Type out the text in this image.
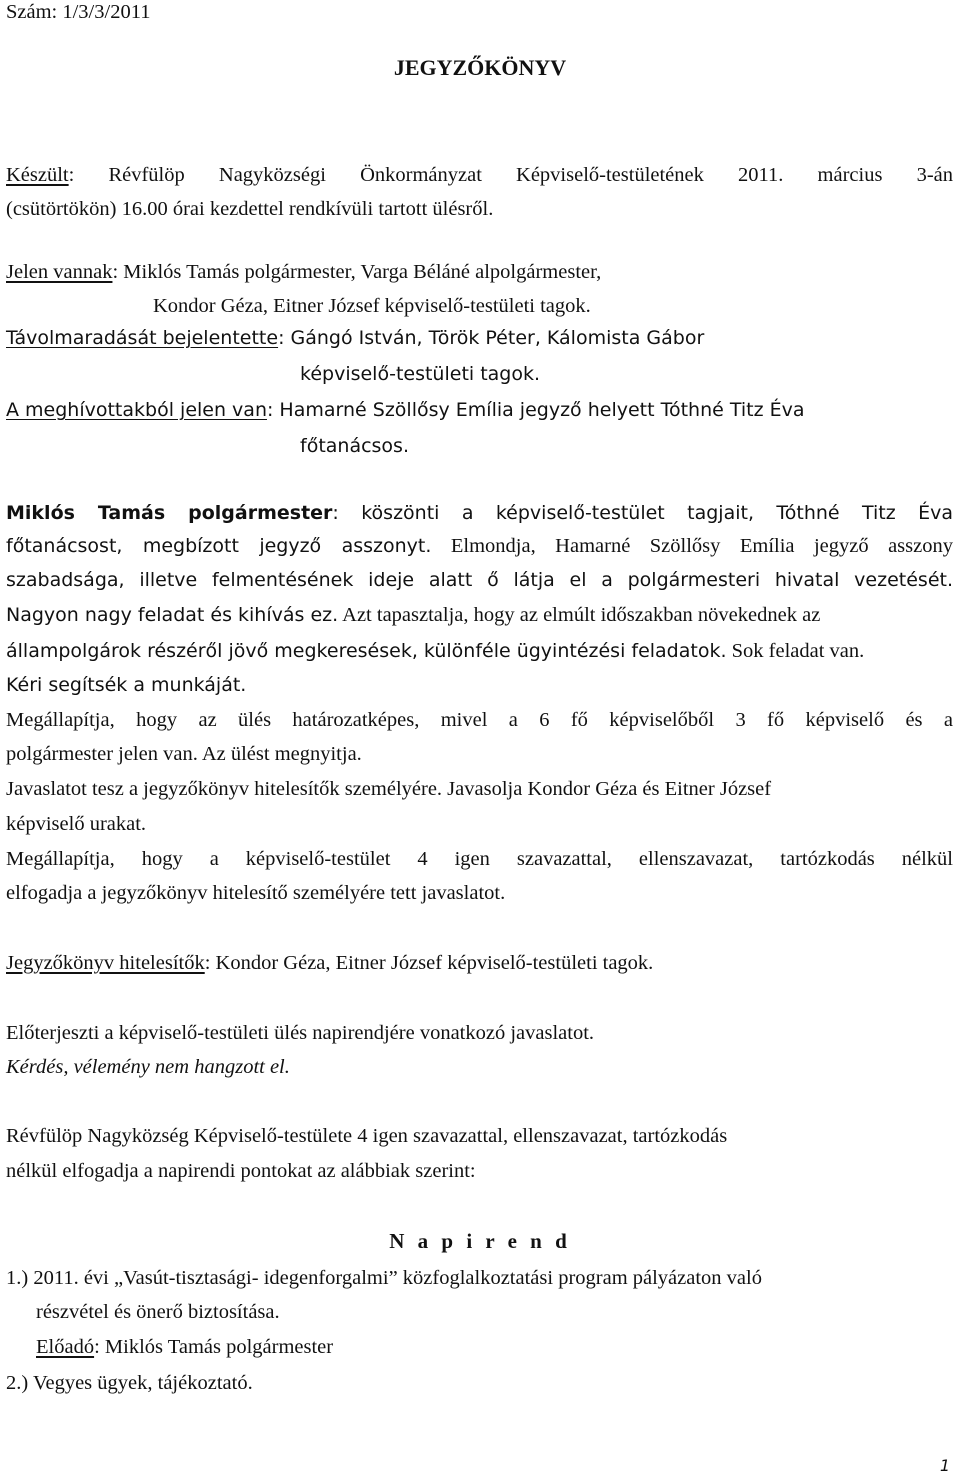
Szám: 1/3/3/2011
JEGYZŐKÖNYV
Készült: Révfülöp Nagyközségi Önkormányzat Képviselő-testületének 2011. március 3-án
(csütörtökön) 16.00 órai kezdettel rendkívüli tartott ülésről.
Jelen vannak: Miklós Tamás polgármester, Varga Béláné alpolgármester,
Kondor Géza, Eitner József képviselő-testületi tagok.
Távolmaradását bejelentette: Gángó István, Török Péter, Kálomista Gábor
képviselő-testületi tagok.
A meghívottakból jelen van: Hamarné Szöllősy Emília jegyző helyett Tóthné Titz Éva
főtanácsos.
Miklós Tamás polgármester: köszönti a képviselő-testület tagjait, Tóthné Titz Éva
főtanácsost, megbízott jegyző asszonyt. Elmondja, Hamarné Szöllősy Emília jegyző asszony
szabadsága, illetve felmentésének ideje alatt ő látja el a polgármesteri hivatal vezetését.
Nagyon nagy feladat és kihívás ez. Azt tapasztalja, hogy az elmúlt időszakban növekednek az
állampolgárok részéről jövő megkeresések, különféle ügyintézési feladatok. Sok feladat van.
Kéri segítsék a munkáját.
Megállapítja, hogy az ülés határozatképes, mivel a 6 fő képviselőből 3 fő képviselő és a
polgármester jelen van. Az ülést megnyitja.
Javaslatot tesz a jegyzőkönyv hitelesítők személyére. Javasolja Kondor Géza és Eitner József
képviselő urakat.
Megállapítja, hogy a képviselő-testület 4 igen szavazattal, ellenszavazat, tartózkodás nélkül
elfogadja a jegyzőkönyv hitelesítő személyére tett javaslatot.
Jegyzőkönyv hitelesítők: Kondor Géza, Eitner József képviselő-testületi tagok.
Előterjeszti a képviselő-testületi ülés napirendjére vonatkozó javaslatot.
Kérdés, vélemény nem hangzott el.
Révfülöp Nagyközség Képviselő-testülete 4 igen szavazattal, ellenszavazat, tartózkodás
nélkül elfogadja a napirendi pontokat az alábbiak szerint:
N a p i r e n d
1.) 2011. évi „Vasút-tisztasági- idegenforgalmi” közfoglalkoztatási program pályázaton való
részvétel és önerő biztosítása.
Előadó: Miklós Tamás polgármester
2.) Vegyes ügyek, tájékoztató.
1
